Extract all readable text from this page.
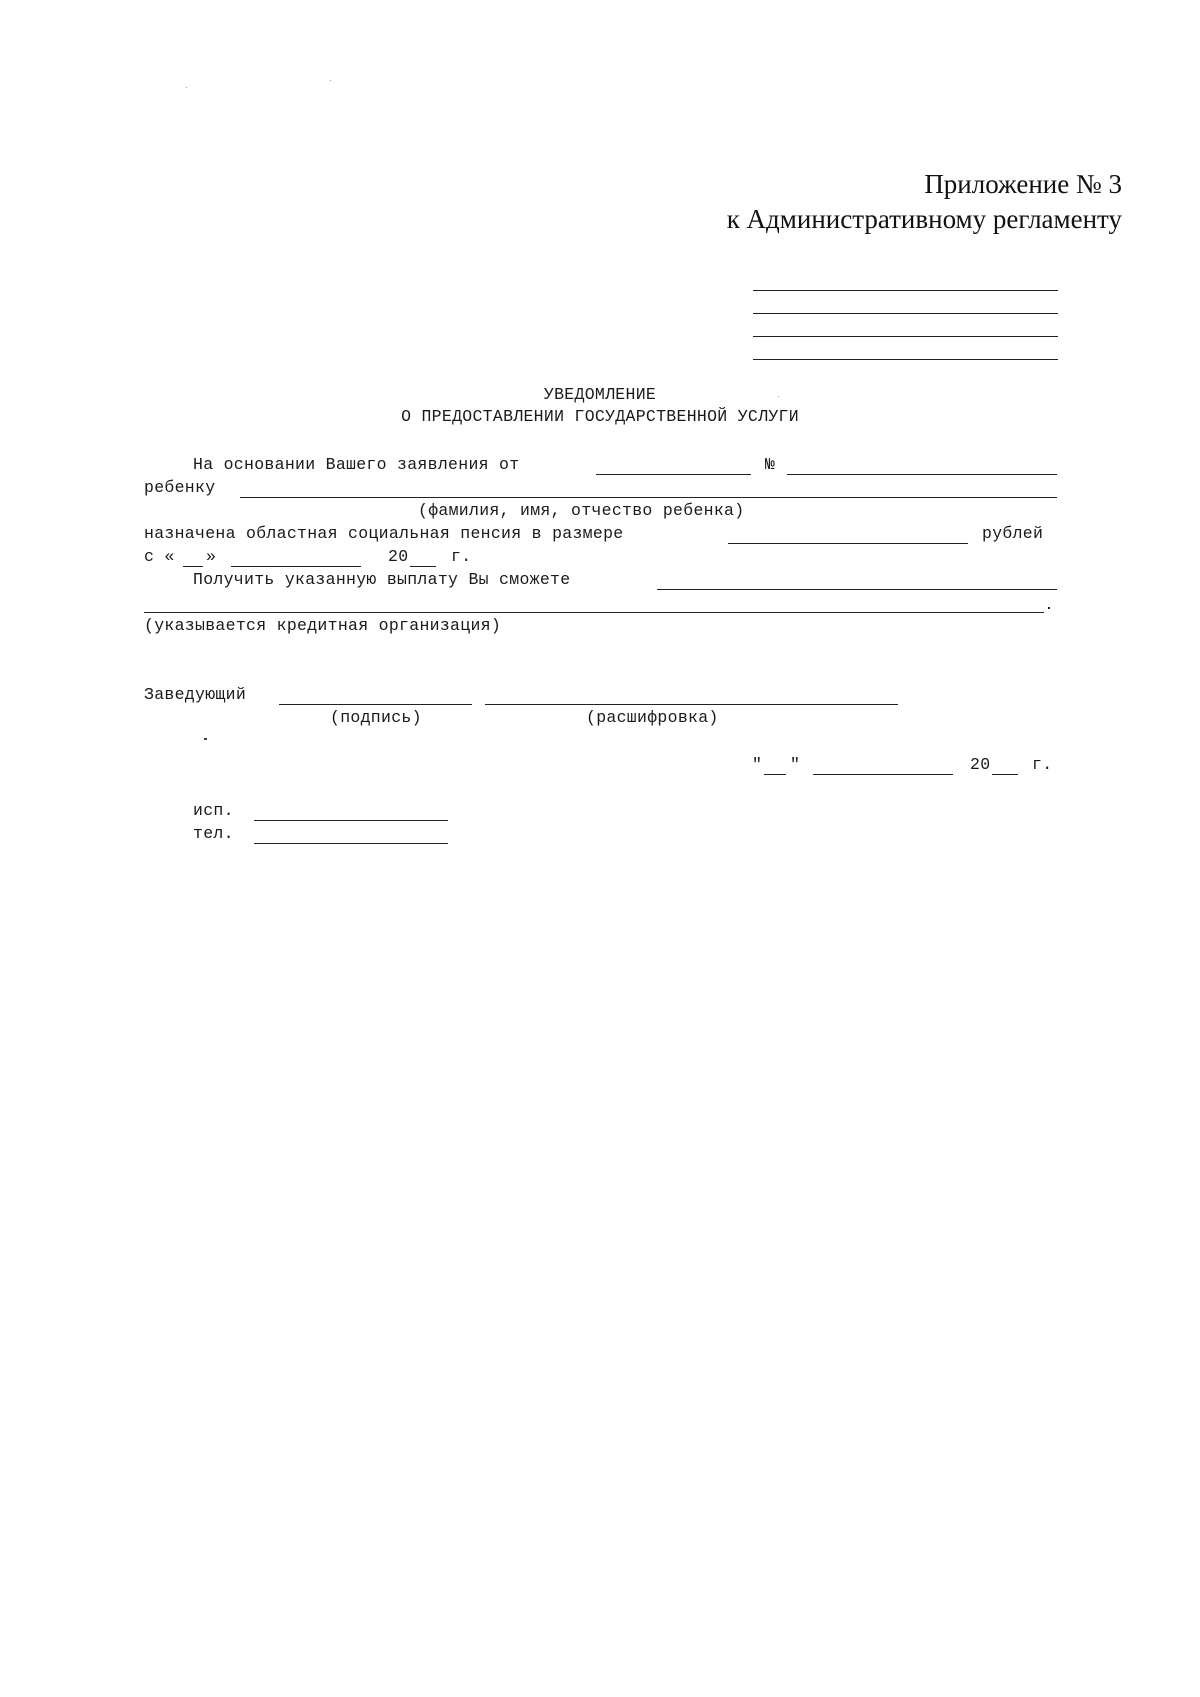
Приложение № 3
к Административному регламенту
УВЕДОМЛЕНИЕ
О ПРЕДОСТАВЛЕНИИ ГОСУДАРСТВЕННОЙ УСЛУГИ
На основании Вашего заявления от	№
ребенку
(фамилия, имя, отчество ребенка)
назначена областная социальная пенсия в размере	рублей
с « »	20	г.
Получить указанную выплату Вы сможете
(указывается кредитная организация)
Заведующий
(подпись)	(расшифровка)
" "	20	г.
исп.
тел.
